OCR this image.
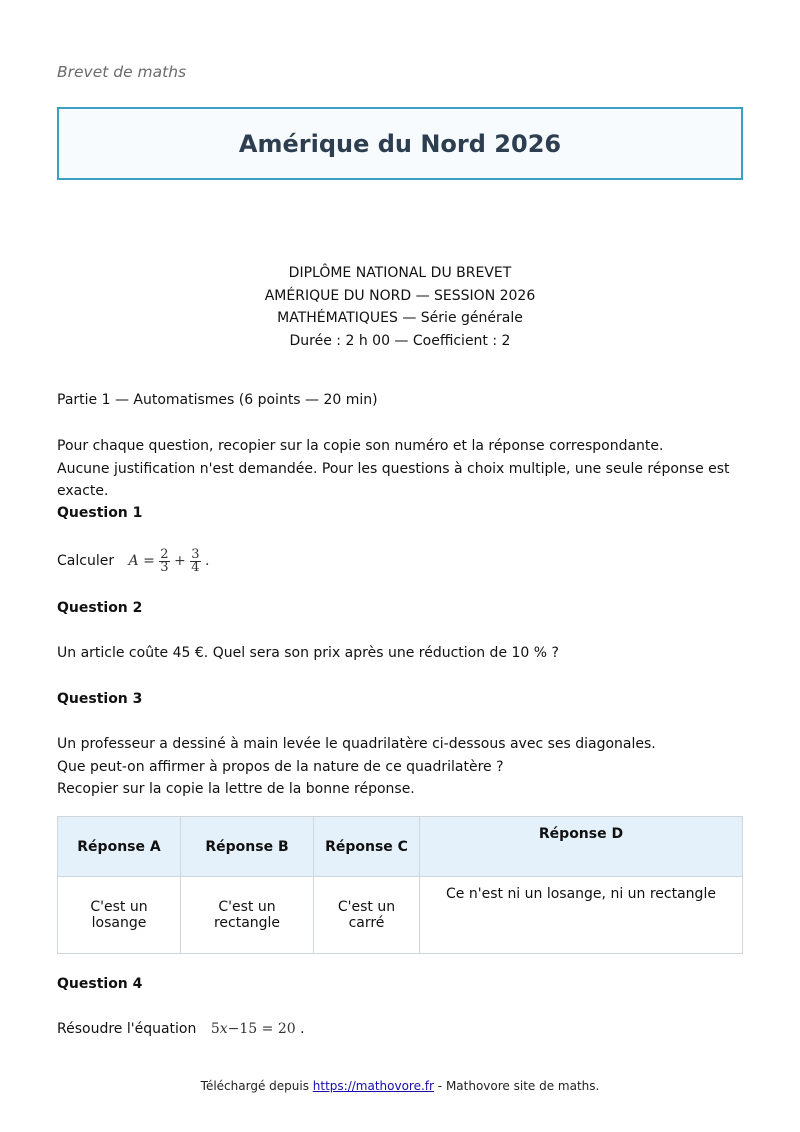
Brevet de maths
Amérique du Nord 2026
DIPLÔME NATIONAL DU BREVET
AMÉRIQUE DU NORD — SESSION 2026
MATHÉMATIQUES — Série générale
Durée : 2 h 00 — Coefficient : 2
Partie 1 — Automatismes (6 points — 20 min)
Pour chaque question, recopier sur la copie son numéro et la réponse correspondante.
Aucune justification n'est demandée. Pour les questions à choix multiple, une seule réponse est exacte.
Question 1
Calculer $A = \frac{2}{3} + \frac{3}{4}$ .
Question 2
Un article coûte 45 €. Quel sera son prix après une réduction de 10 % ?
Question 3
Un professeur a dessiné à main levée le quadrilatère ci-dessous avec ses diagonales.
Que peut-on affirmer à propos de la nature de ce quadrilatère ?
Recopier sur la copie la lettre de la bonne réponse.
Réponse A	Réponse B	Réponse C	Réponse D
C'est un losange	C'est un rectangle	C'est un carré	Ce n'est ni un losange, ni un rectangle
Question 4
Résoudre l'équation 5x−15 = 20 .
Téléchargé depuis https://mathovore.fr - Mathovore site de maths.
